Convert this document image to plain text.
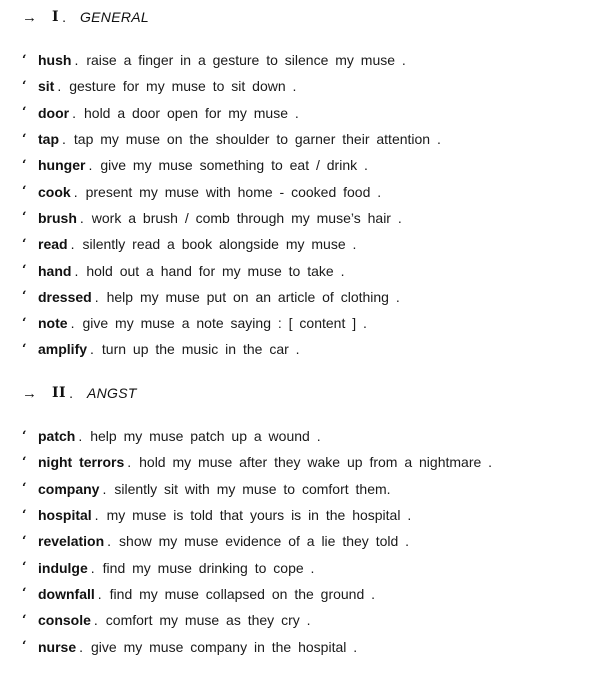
→	I . GENERAL
‘ hush . raise a finger in a gesture to silence my muse .
‘ sit . gesture for my muse to sit down .
‘ door . hold a door open for my muse .
‘ tap . tap my muse on the shoulder to garner their attention .
‘ hunger . give my muse something to eat / drink .
‘ cook . present my muse with home - cooked food .
‘ brush . work a brush / comb through my muse’s hair .
‘ read . silently read a book alongside my muse .
‘ hand . hold out a hand for my muse to take .
‘ dressed . help my muse put on an article of clothing .
‘ note . give my muse a note saying : [ content ] .
‘ amplify . turn up the music in the car .
→	II . ANGST
‘ patch . help my muse patch up a wound .
‘ night terrors . hold my muse after they wake up from a nightmare .
‘ company . silently sit with my muse to comfort them.
‘ hospital . my muse is told that yours is in the hospital .
‘ revelation . show my muse evidence of a lie they told .
‘ indulge . find my muse drinking to cope .
‘ downfall . find my muse collapsed on the ground .
‘ console . comfort my muse as they cry .
‘ nurse . give my muse company in the hospital .
